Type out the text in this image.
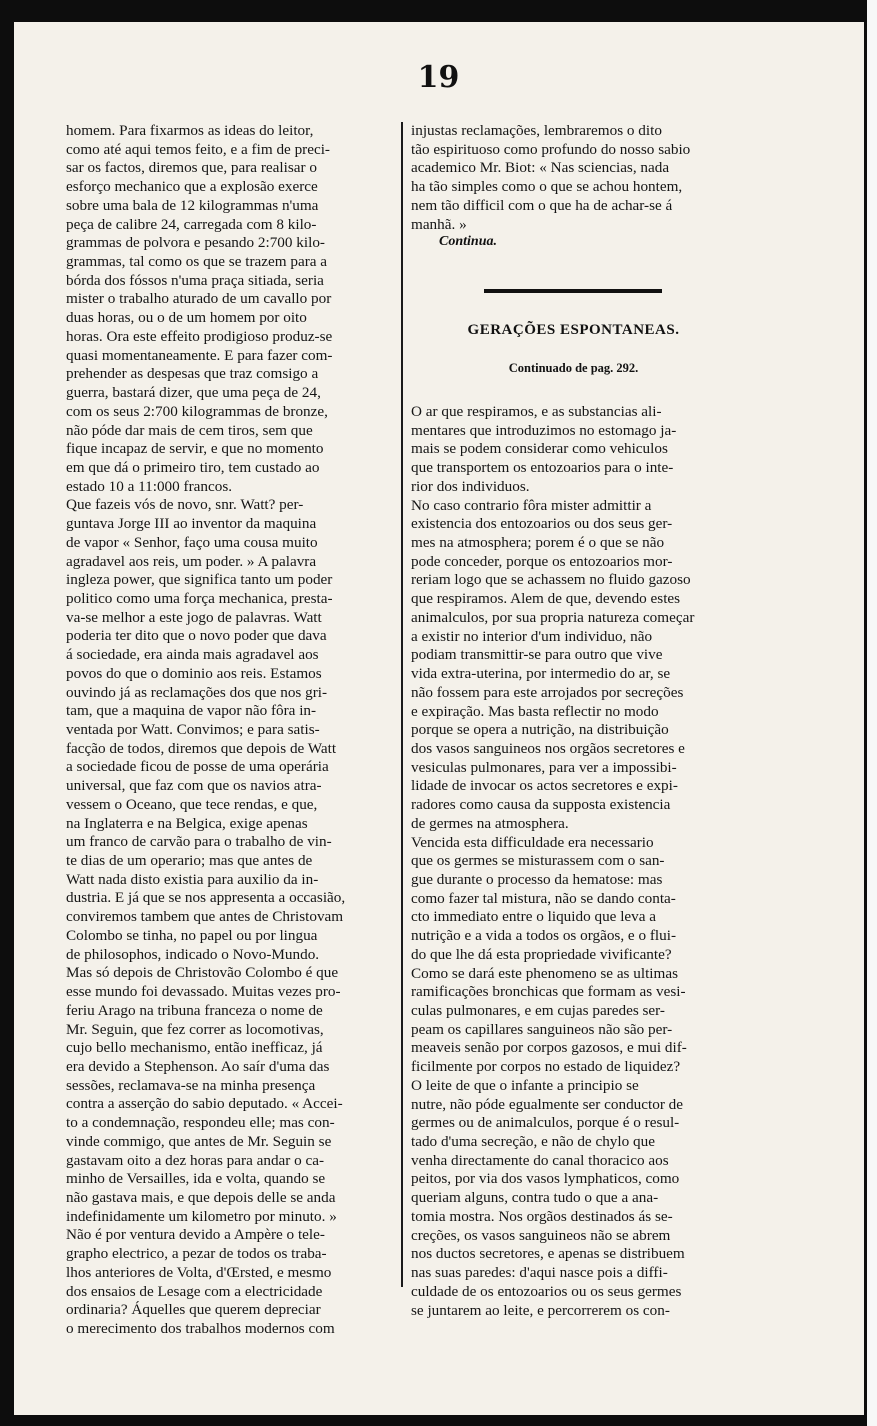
19

homem. Para fixarmos as ideas do leitor,

como até aqui temos feito, e a fim de preci-

sar os factos, diremos que, para realisar o

esforço mechanico que a explosão exerce

sobre uma bala de 12 kilogrammas n'uma

peça de calibre 24, carregada com 8 kilo-

grammas de polvora e pesando 2:700 kilo-

grammas, tal como os que se trazem para a

bórda dos fóssos n'uma praça sitiada, seria

mister o trabalho aturado de um cavallo por

duas horas, ou o de um homem por oito

horas. Ora este effeito prodigioso produz-se

quasi momentaneamente. E para fazer com-

prehender as despesas que traz comsigo a

guerra, bastará dizer, que uma peça de 24,

com os seus 2:700 kilogrammas de bronze,

não póde dar mais de cem tiros, sem que

fique incapaz de servir, e que no momento

em que dá o primeiro tiro, tem custado ao

estado 10 a 11:000 francos.

Que fazeis vós de novo, snr. Watt? per-

guntava Jorge III ao inventor da maquina

de vapor « Senhor, faço uma cousa muito

agradavel aos reis, um poder. » A palavra

ingleza power, que significa tanto um poder

politico como uma força mechanica, presta-

va-se melhor a este jogo de palavras. Watt

poderia ter dito que o novo poder que dava

á sociedade, era ainda mais agradavel aos

povos do que o dominio aos reis. Estamos

ouvindo já as reclamações dos que nos gri-

tam, que a maquina de vapor não fôra in-

ventada por Watt. Convimos; e para satis-

facção de todos, diremos que depois de Watt

a sociedade ficou de posse de uma operária

universal, que faz com que os navios atra-

vessem o Oceano, que tece rendas, e que,

na Inglaterra e na Belgica, exige apenas

um franco de carvão para o trabalho de vin-

te dias de um operario; mas que antes de

Watt nada disto existia para auxilio da in-

dustria. E já que se nos appresenta a occasião,

conviremos tambem que antes de Christovam

Colombo se tinha, no papel ou por lingua

de philosophos, indicado o Novo-Mundo.

Mas só depois de Christovão Colombo é que

esse mundo foi devassado. Muitas vezes pro-

feriu Arago na tribuna franceza o nome de

Mr. Seguin, que fez correr as locomotivas,

cujo bello mechanismo, então inefficaz, já

era devido a Stephenson. Ao saír d'uma das

sessões, reclamava-se na minha presença

contra a asserção do sabio deputado. « Accei-

to a condemnação, respondeu elle; mas con-

vinde commigo, que antes de Mr. Seguin se

gastavam oito a dez horas para andar o ca-

minho de Versailles, ida e volta, quando se

não gastava mais, e que depois delle se anda

indefinidamente um kilometro por minuto. »

Não é por ventura devido a Ampère o tele-

grapho electrico, a pezar de todos os traba-

lhos anteriores de Volta, d'Œrsted, e mesmo

dos ensaios de Lesage com a electricidade

ordinaria? Áquelles que querem depreciar

o merecimento dos trabalhos modernos com

injustas reclamações, lembraremos o dito

tão espirituoso como profundo do nosso sabio

academico Mr. Biot: « Nas sciencias, nada

ha tão simples como o que se achou hontem,

nem tão difficil com o que ha de achar-se á

manhã. »

Continua.
GERAÇÕES ESPONTANEAS.
Continuado de pag. 292.

O ar que respiramos, e as substancias ali-

mentares que introduzimos no estomago ja-

mais se podem considerar como vehiculos

que transportem os entozoarios para o inte-

rior dos individuos.

No caso contrario fôra mister admittir a

existencia dos entozoarios ou dos seus ger-

mes na atmosphera; porem é o que se não

pode conceder, porque os entozoarios mor-

reriam logo que se achassem no fluido gazoso

que respiramos. Alem de que, devendo estes

animalculos, por sua propria natureza começar

a existir no interior d'um individuo, não

podiam transmittir-se para outro que vive

vida extra-uterina, por intermedio do ar, se

não fossem para este arrojados por secreções

e expiração. Mas basta reflectir no modo

porque se opera a nutrição, na distribuição

dos vasos sanguineos nos orgãos secretores e

vesiculas pulmonares, para ver a impossibi-

lidade de invocar os actos secretores e expi-

radores como causa da supposta existencia

de germes na atmosphera.

Vencida esta difficuldade era necessario

que os germes se misturassem com o san-

gue durante o processo da hematose: mas

como fazer tal mistura, não se dando conta-

cto immediato entre o liquido que leva a

nutrição e a vida a todos os orgãos, e o flui-

do que lhe dá esta propriedade vivificante?

Como se dará este phenomeno se as ultimas

ramificações bronchicas que formam as vesi-

culas pulmonares, e em cujas paredes ser-

peam os capillares sanguineos não são per-

meaveis senão por corpos gazosos, e mui dif-

ficilmente por corpos no estado de liquidez?

O leite de que o infante a principio se

nutre, não póde egualmente ser conductor de

germes ou de animalculos, porque é o resul-

tado d'uma secreção, e não de chylo que

venha directamente do canal thoracico aos

peitos, por via dos vasos lymphaticos, como

queriam alguns, contra tudo o que a ana-

tomia mostra. Nos orgãos destinados ás se-

creções, os vasos sanguineos não se abrem

nos ductos secretores, e apenas se distribuem

nas suas paredes: d'aqui nasce pois a diffi-

culdade de os entozoarios ou os seus germes

se juntarem ao leite, e percorrerem os con-
